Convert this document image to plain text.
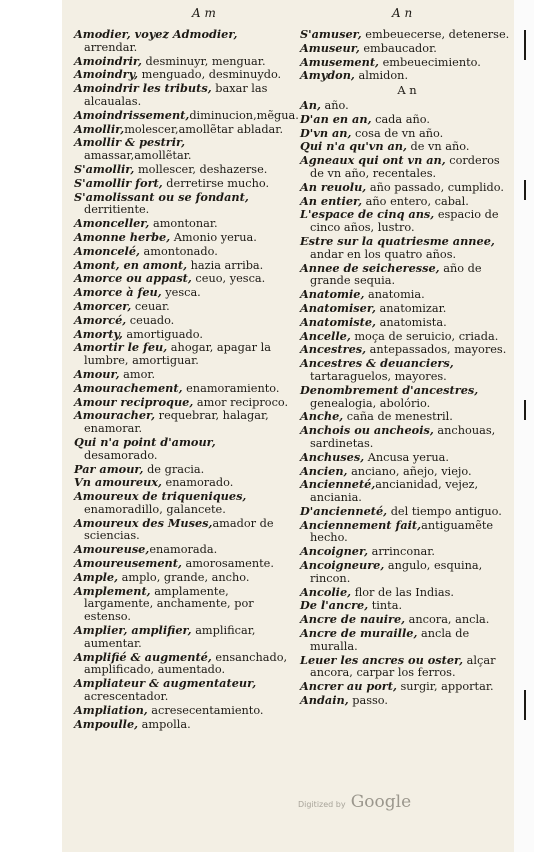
A m	A n

Amodier, voyez Admodier, arrendar.

Amoindrir, desminuyr, menguar.

Amoindry, menguado, desminuydo.

Amoindrir les tributs, baxar las alcaualas.

Amoindrissement,diminucion,mẽgua.

Amollir,molescer,amollẽtar abladar.

Amollir & pestrir, amassar,amollẽtar.

S'amollir, mollescer, deshazerse.

S'amollir fort, derretirse mucho.

S'amolissant ou se fondant, derritiente.

Amonceller, amontonar.

Amonne herbe, Amonio yerua.

Amoncelé, amontonado.

Amont, en amont, hazia arriba.

Amorce ou appast, ceuo, yesca.

Amorce à feu, yesca.

Amorcer, ceuar.

Amorcé, ceuado.

Amorty, amortiguado.

Amortir le feu, ahogar, apagar la lumbre, amortiguar.

Amour, amor.

Amourachement, enamoramiento.

Amour reciproque, amor reciproco.

Amouracher, requebrar, halagar, enamorar.

Qui n'a point d'amour, desamorado.

Par amour, de gracia.

Vn amoureux, enamorado.

Amoureux de triqueniques, enamoradillo, galancete.

Amoureux des Muses,amador de sciencias.

Amoureuse,enamorada.

Amoureusement, amorosamente.

Ample, amplo, grande, ancho.

Amplement, amplamente, largamente, anchamente, por estenso.

Amplier, amplifier, amplificar, aumentar.

Amplifié & augmenté, ensanchado, amplificado, aumentado.

Ampliateur & augmentateur, acrescentador.

Ampliation, acresecentamiento.

Ampoulle, ampolla.

S'amuser, embeuecerse, detenerse.

Amuseur, embaucador.

Amusement, embeuecimiento.

Amydon, almidon.

A n

An, año.

D'an en an, cada año.

D'vn an, cosa de vn año.

Qui n'a qu'vn an, de vn año.

Agneaux qui ont vn an, corderos de vn año, recentales.

An reuolu, año passado, cumplido.

An entier, año entero, cabal.

L'espace de cinq ans, espacio de cinco años, lustro.

Estre sur la quatriesme annee, andar en los quatro años.

Annee de seicheresse, año de grande sequia.

Anatomie, anatomia.

Anatomiser, anatomizar.

Anatomiste, anatomista.

Ancelle, moça de seruicio, criada.

Ancestres, antepassados, mayores.

Ancestres & deuanciers, tartaraguelos, mayores.

Denombrement d'ancestres, genealogia, abolório.

Anche, caña de menestril.

Anchois ou ancheois, anchouas, sardinetas.

Anchuses, Ancusa yerua.

Ancien, anciano, añejo, viejo.

Ancienneté,ancianidad, vejez, anciania.

D'ancienneté, del tiempo antiguo.

Anciennement fait,antiguamẽte hecho.

Ancoigner, arrinconar.

Ancoigneure, angulo, esquina, rincon.

Ancolie, flor de las Indias.

De l'ancre, tinta.

Ancre de nauire, ancora, ancla.

Ancre de muraille, ancla de muralla.

Leuer les ancres ou oster, alçar ancora, carpar los ferros.

Ancrer au port, surgir, apportar.

Andain, passo.

Digitized by Google
